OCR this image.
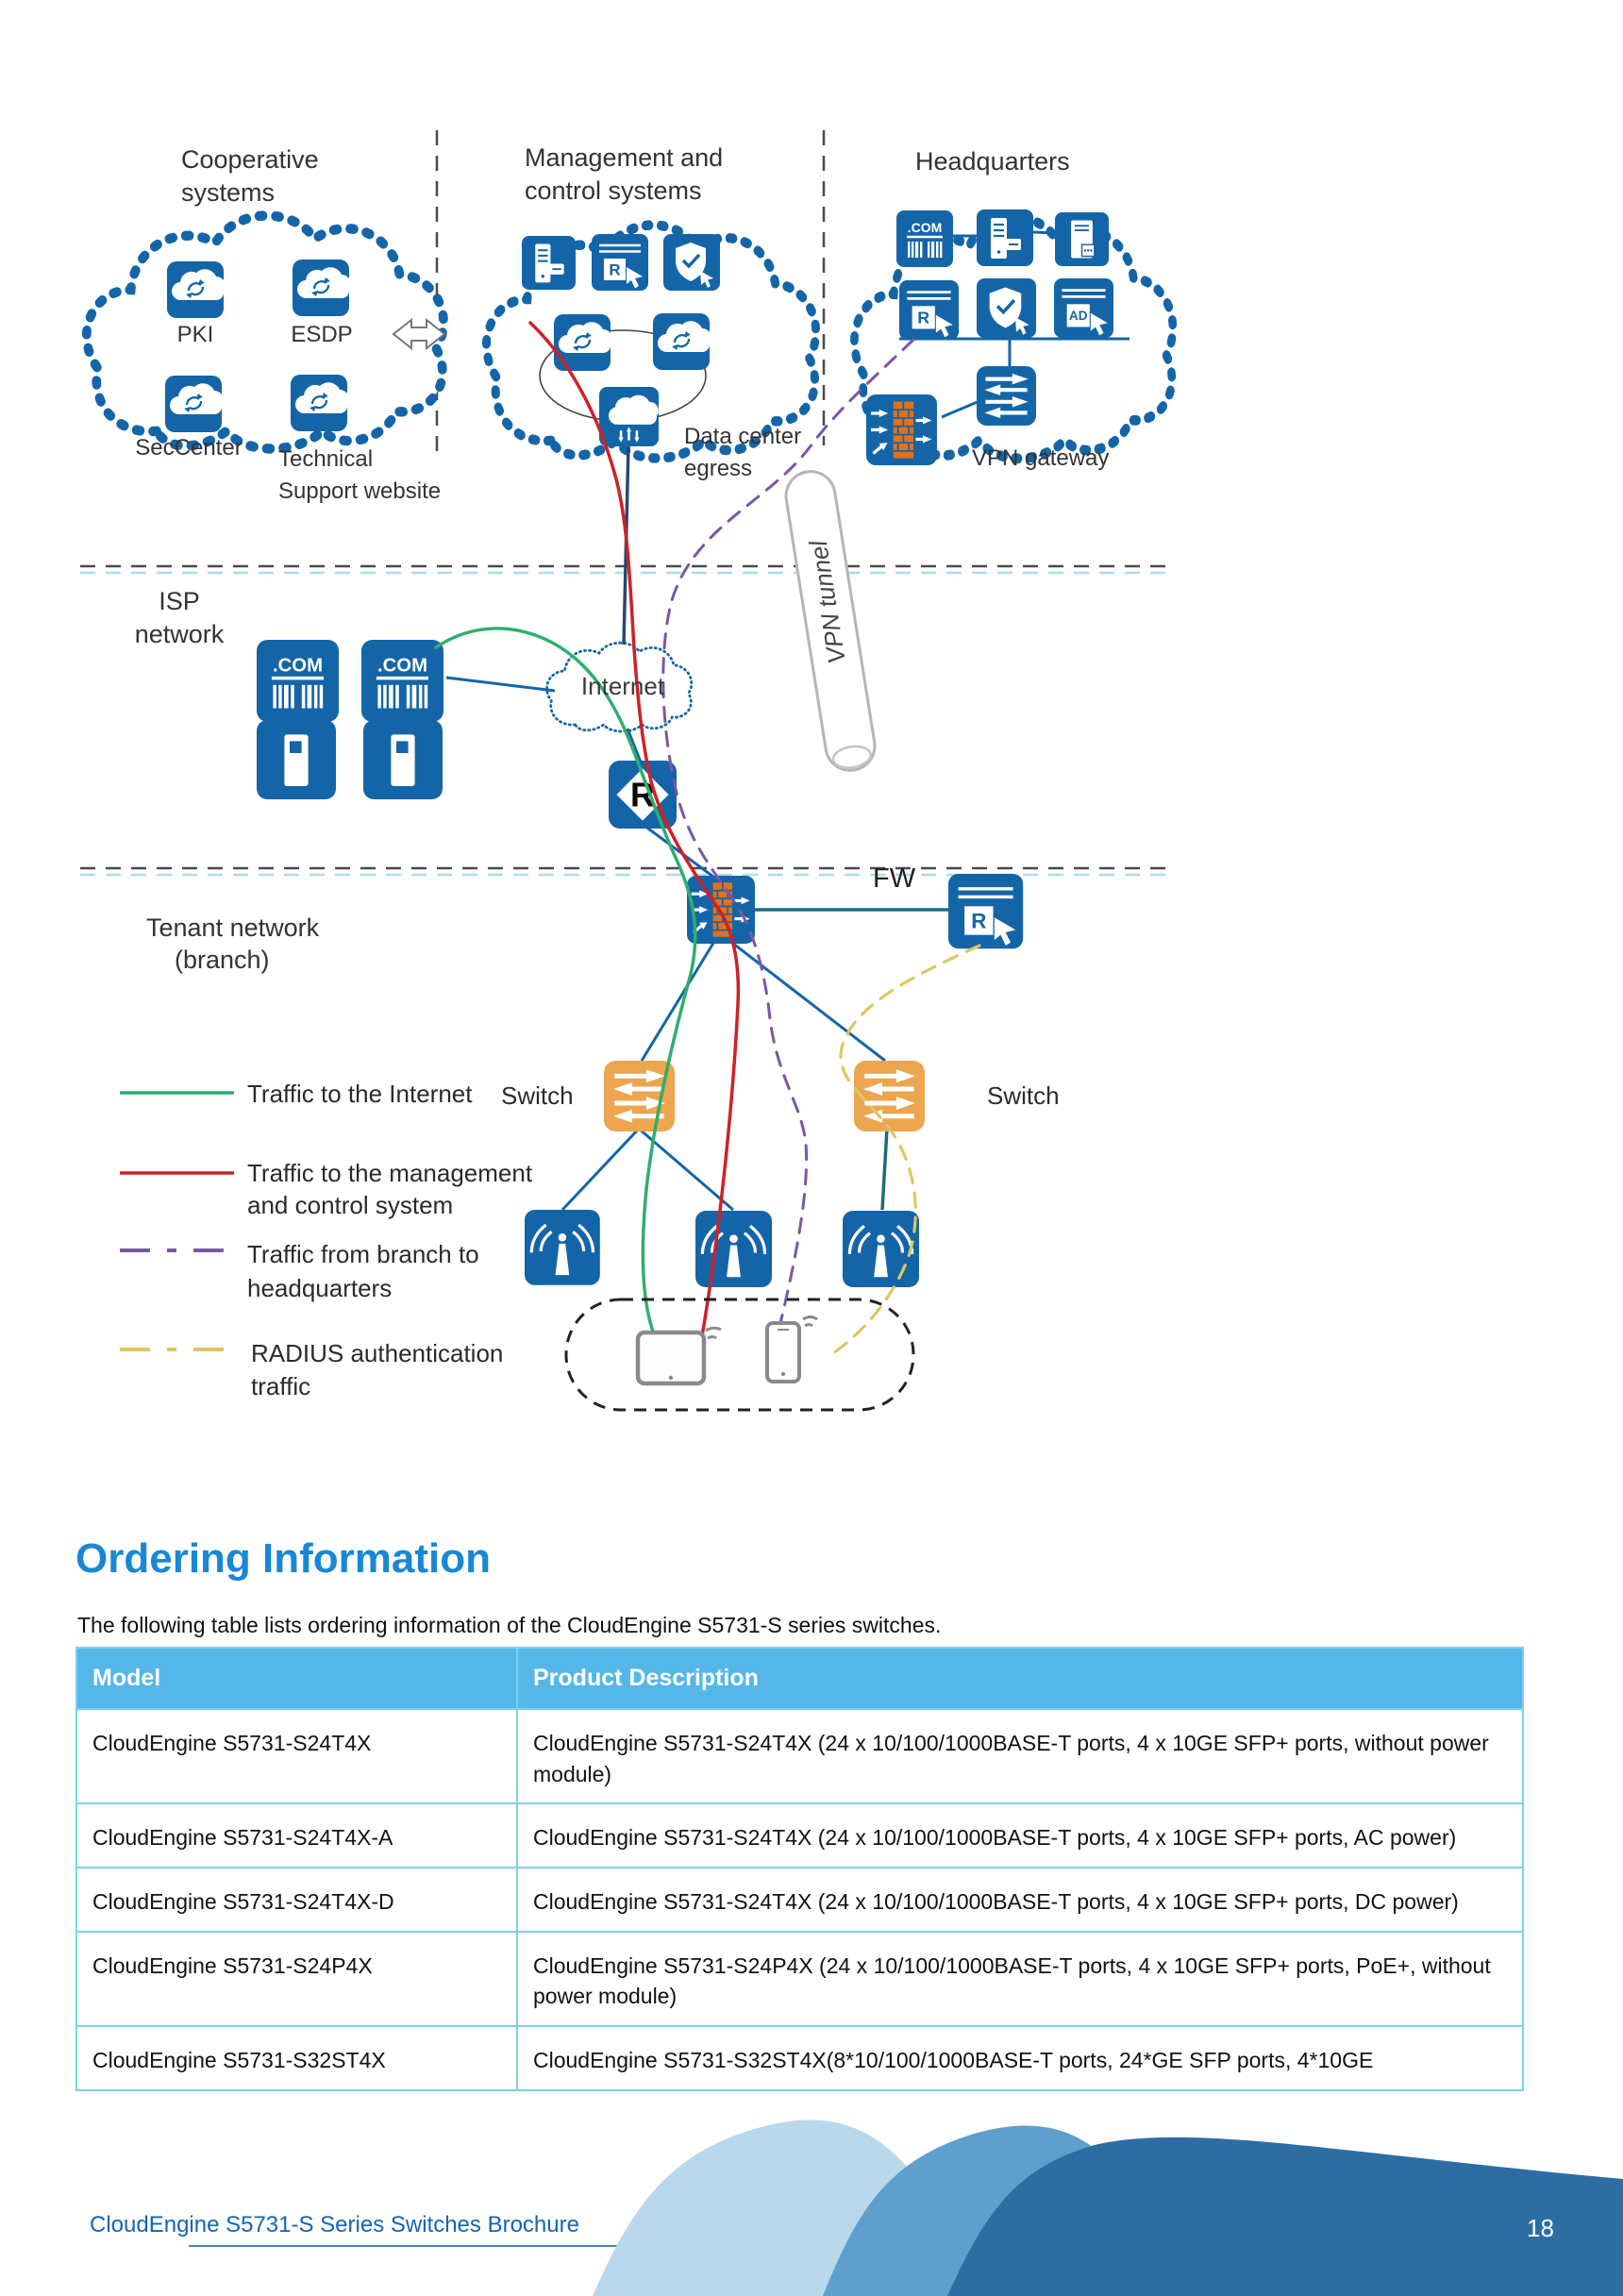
.COM
R
R	AD
R
R
VPN tunnel
Cooperative
systems
Management and
control systems
Headquarters
PKI	ESDP
SecCenter Technical
Support website
Data center
egress	VPN gateway
ISP
network
Internet
Tenant network
(branch)
FW
Switch	Switch
Traffic to the Internet
Traffic to the management
and control system
Traffic from branch to
headquarters
RADIUS authentication
traffic
Ordering Information

The following table lists ordering information of the CloudEngine S5731-S series switches.

Model	Product Description
CloudEngine S5731-S24T4X	CloudEngine S5731-S24T4X (24 x 10/100/1000BASE-T ports, 4 x 10GE SFP+ ports, without power module)
CloudEngine S5731-S24T4X-A	CloudEngine S5731-S24T4X (24 x 10/100/1000BASE-T ports, 4 x 10GE SFP+ ports, AC power)
CloudEngine S5731-S24T4X-D	CloudEngine S5731-S24T4X (24 x 10/100/1000BASE-T ports, 4 x 10GE SFP+ ports, DC power)
CloudEngine S5731-S24P4X	CloudEngine S5731-S24P4X (24 x 10/100/1000BASE-T ports, 4 x 10GE SFP+ ports, PoE+, without power module)
CloudEngine S5731-S32ST4X	CloudEngine S5731-S32ST4X(8*10/100/1000BASE-T ports, 24*GE SFP ports, 4*10GE
CloudEngine S5731-S Series Switches Brochure	18
